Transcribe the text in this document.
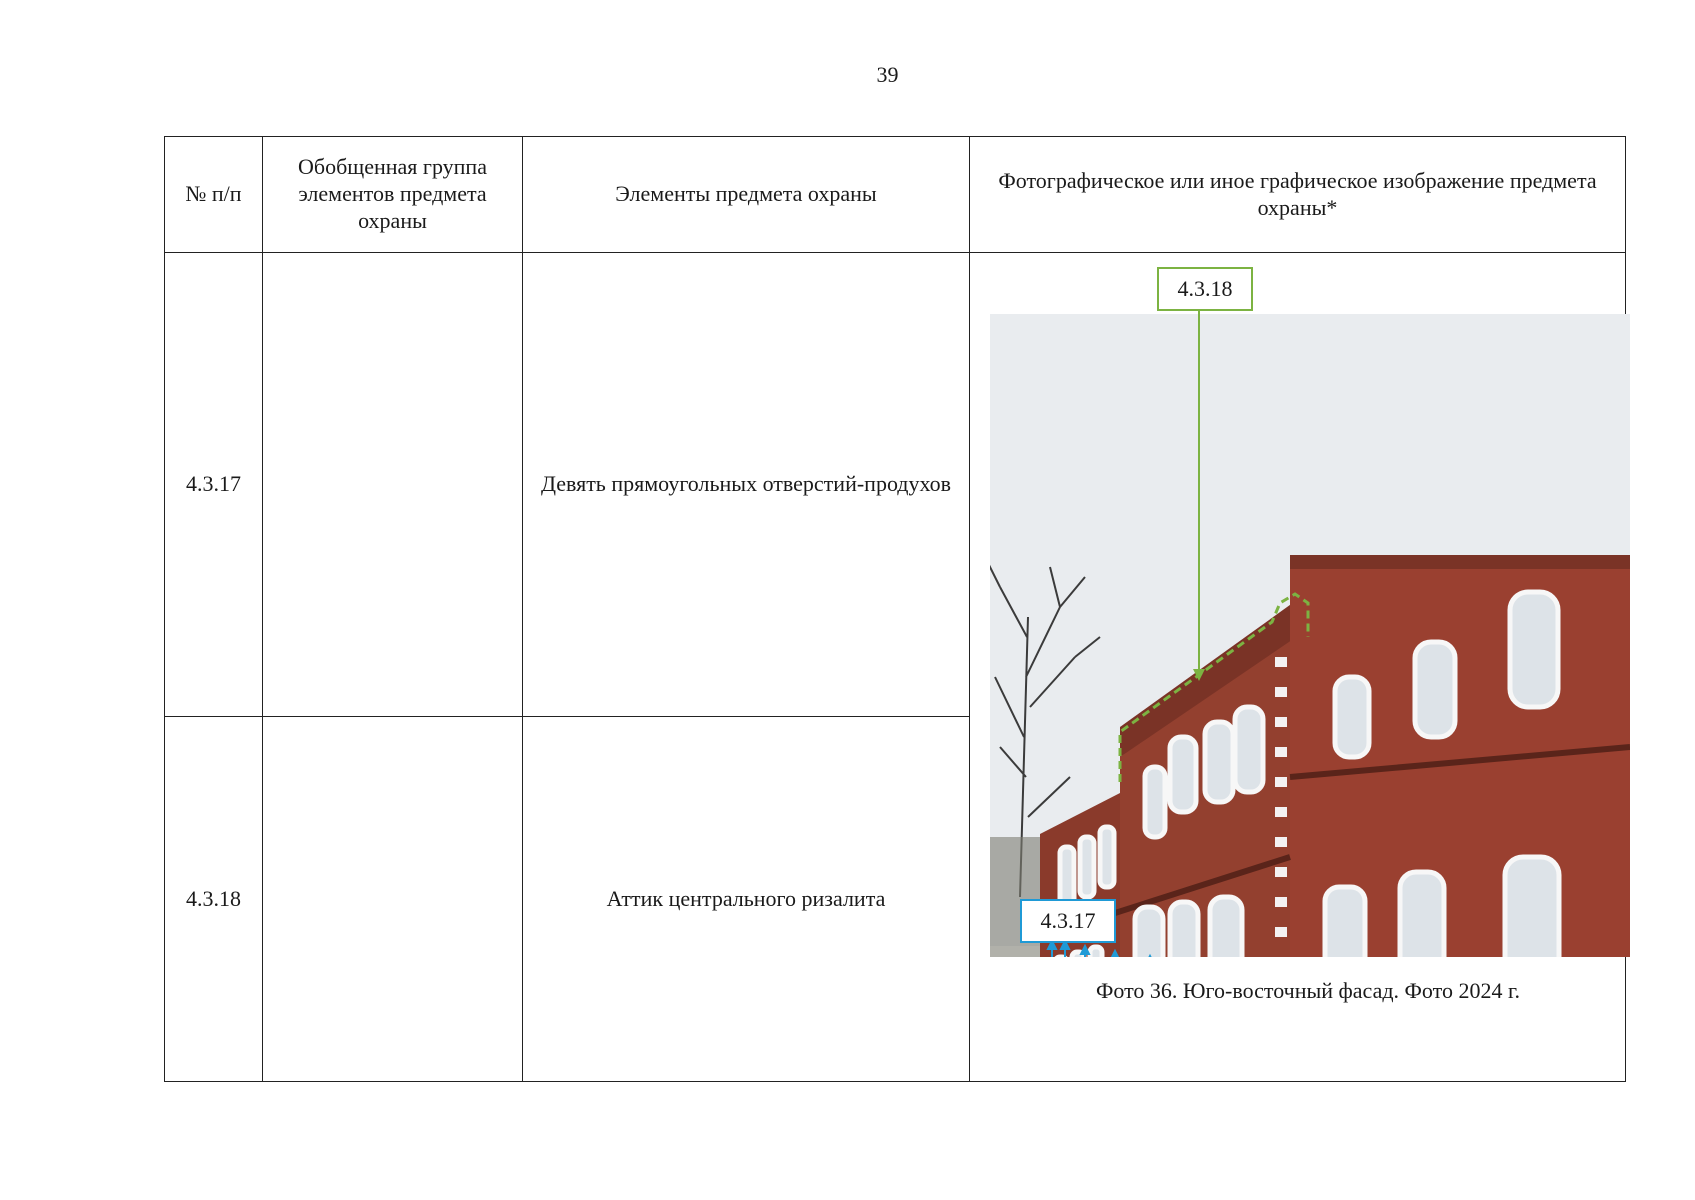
39
№ п/п	Обобщенная группа элементов предмета охраны	Элементы предмета охраны	Фотографическое или иное графическое изображение предмета охраны*
4.3.17		Девять прямоугольных отверстий-продухов	4.3.18
4.3.17
Фото 36. Юго-восточный фасад. Фото 2024 г.

4.3.18		Аттик центрального ризалита	
